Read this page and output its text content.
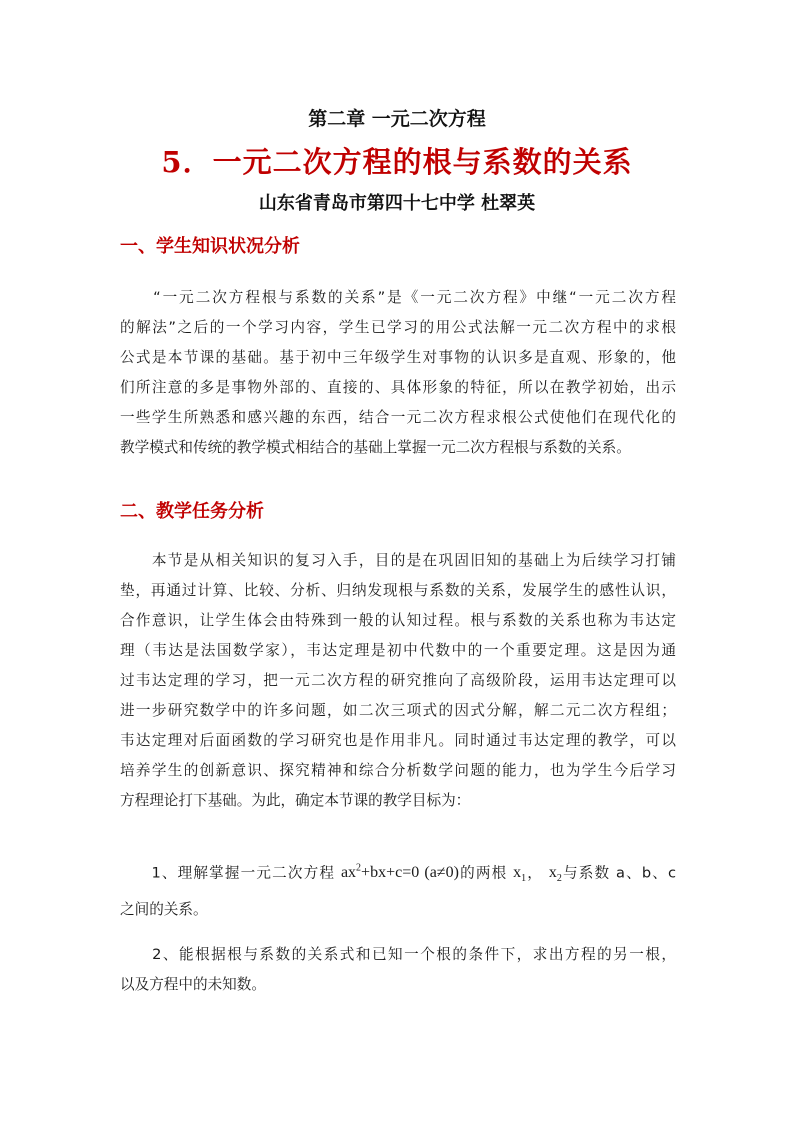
第二章 一元二次方程
5．一元二次方程的根与系数的关系
山东省青岛市第四十七中学 杜翠英
一、学生知识状况分析
　　“一元二次方程根与系数的关系”是《一元二次方程》中继“一元二次方程
的解法”之后的一个学习内容，学生已学习的用公式法解一元二次方程中的求根
公式是本节课的基础。基于初中三年级学生对事物的认识多是直观、形象的，他
们所注意的多是事物外部的、直接的、具体形象的特征，所以在教学初始，出示
一些学生所熟悉和感兴趣的东西，结合一元二次方程求根公式使他们在现代化的
教学模式和传统的教学模式相结合的基础上掌握一元二次方程根与系数的关系。
二、教学任务分析
　　本节是从相关知识的复习入手，目的是在巩固旧知的基础上为后续学习打铺
垫，再通过计算、比较、分析、归纳发现根与系数的关系，发展学生的感性认识，
合作意识，让学生体会由特殊到一般的认知过程。根与系数的关系也称为韦达定
理（韦达是法国数学家），韦达定理是初中代数中的一个重要定理。这是因为通
过韦达定理的学习，把一元二次方程的研究推向了高级阶段，运用韦达定理可以
进一步研究数学中的许多问题，如二次三项式的因式分解，解二元二次方程组；
韦达定理对后面函数的学习研究也是作用非凡。同时通过韦达定理的教学，可以
培养学生的创新意识、探究精神和综合分析数学问题的能力，也为学生今后学习
方程理论打下基础。为此，确定本节课的教学目标为：
　　1、理解掌握一元二次方程 $ax^2+bx+c=0$ (a≠0)的两根 $x_1$， $x_2$与系数 a、b、c
之间的关系。
　　2、能根据根与系数的关系式和已知一个根的条件下，求出方程的另一根，
以及方程中的未知数。
